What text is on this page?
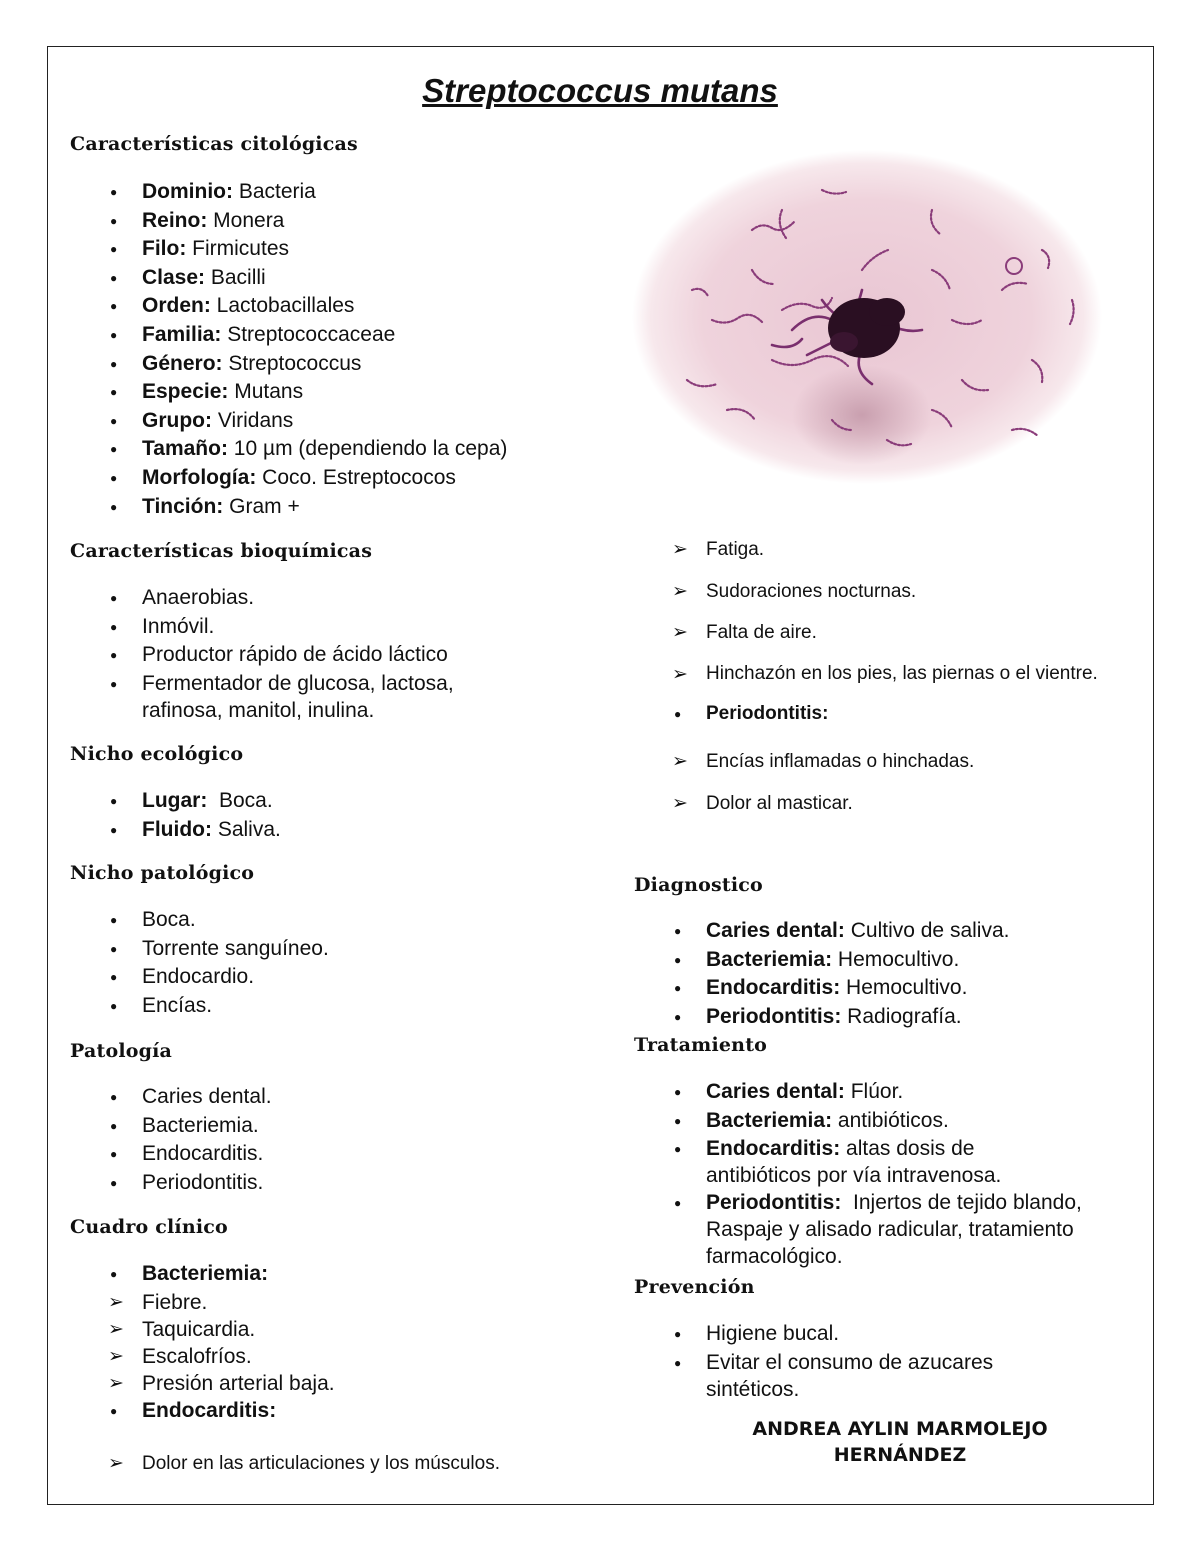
Streptococcus mutans
Características citológicas
● Dominio: Bacteria
● Reino: Monera
● Filo: Firmicutes
● Clase: Bacilli
● Orden: Lactobacillales
● Familia: Streptococcaceae
● Género: Streptococcus
● Especie: Mutans
● Grupo: Viridans
● Tamaño: 10 µm (dependiendo la cepa)
● Morfología: Coco. Estreptococos
● Tinción: Gram +
Características bioquímicas
● Anaerobias.
● Inmóvil.
● Productor rápido de ácido láctico
● Fermentador de glucosa, lactosa, rafinosa, manitol, inulina.
Nicho ecológico
● Lugar:  Boca.
● Fluido: Saliva.
Nicho patológico
● Boca.
● Torrente sanguíneo.
● Endocardio.
● Encías.
Patología
● Caries dental.
● Bacteriemia.
● Endocarditis.
● Periodontitis.
Cuadro clínico
● Bacteriemia:
➢ Fiebre.
➢ Taquicardia.
➢ Escalofríos.
➢ Presión arterial baja.
● Endocarditis:
➢ Dolor en las articulaciones y los músculos.
➢ Fatiga.
➢ Sudoraciones nocturnas.
➢ Falta de aire.
➢ Hinchazón en los pies, las piernas o el vientre.
● Periodontitis:
➢ Encías inflamadas o hinchadas.
➢ Dolor al masticar.
Diagnostico
● Caries dental: Cultivo de saliva.
● Bacteriemia: Hemocultivo.
● Endocarditis: Hemocultivo.
● Periodontitis: Radiografía.
Tratamiento
● Caries dental: Flúor.
● Bacteriemia: antibióticos.
● Endocarditis: altas dosis de antibióticos por vía intravenosa.
● Periodontitis:  Injertos de tejido blando, Raspaje y alisado radicular, tratamiento farmacológico.
Prevención
● Higiene bucal.
● Evitar el consumo de azucares sintéticos.
ANDREA AYLIN MARMOLEJO
HERNÁNDEZ
